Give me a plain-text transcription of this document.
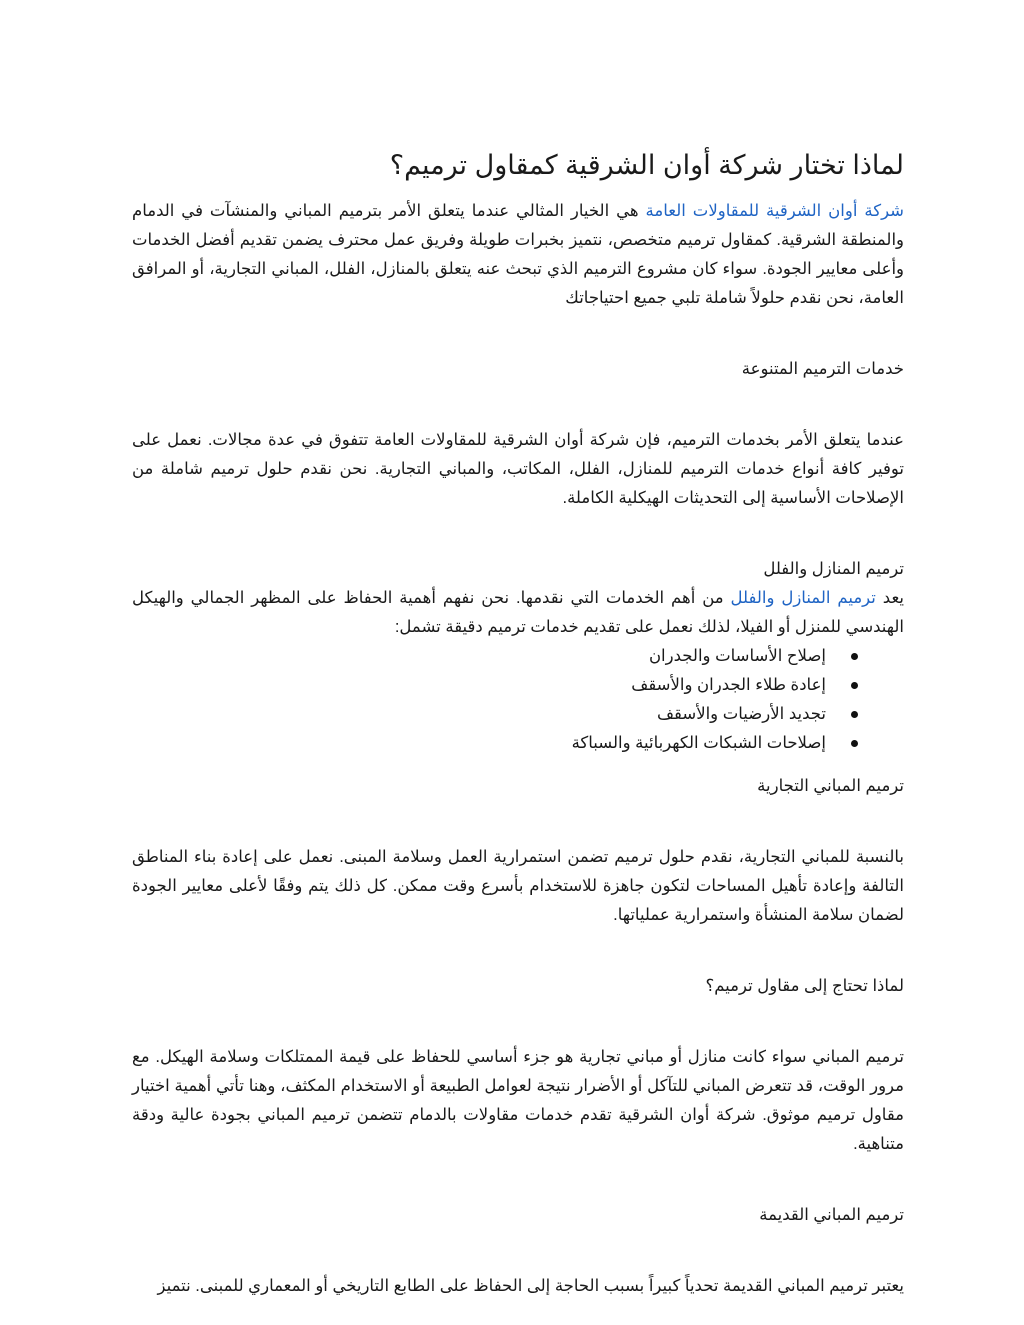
لماذا تختار شركة أوان الشرقية كمقاول ترميم؟

شركة أوان الشرقية للمقاولات العامة هي الخيار المثالي عندما يتعلق الأمر بترميم المباني والمنشآت في الدمام والمنطقة الشرقية. كمقاول ترميم متخصص، نتميز بخبرات طويلة وفريق عمل محترف يضمن تقديم أفضل الخدمات وأعلى معايير الجودة. سواء كان مشروع الترميم الذي تبحث عنه يتعلق بالمنازل، الفلل، المباني التجارية، أو المرافق العامة، نحن نقدم حلولاً شاملة تلبي جميع احتياجاتك

خدمات الترميم المتنوعة

عندما يتعلق الأمر بخدمات الترميم، فإن شركة أوان الشرقية للمقاولات العامة تتفوق في عدة مجالات. نعمل على توفير كافة أنواع خدمات الترميم للمنازل، الفلل، المكاتب، والمباني التجارية. نحن نقدم حلول ترميم شاملة من الإصلاحات الأساسية إلى التحديثات الهيكلية الكاملة.

ترميم المنازل والفلل

يعد ترميم المنازل والفلل من أهم الخدمات التي نقدمها. نحن نفهم أهمية الحفاظ على المظهر الجمالي والهيكل الهندسي للمنزل أو الفيلا، لذلك نعمل على تقديم خدمات ترميم دقيقة تشمل:

إصلاح الأساسات والجدران
إعادة طلاء الجدران والأسقف
تجديد الأرضيات والأسقف
إصلاحات الشبكات الكهربائية والسباكة

ترميم المباني التجارية

بالنسبة للمباني التجارية، نقدم حلول ترميم تضمن استمرارية العمل وسلامة المبنى. نعمل على إعادة بناء المناطق التالفة وإعادة تأهيل المساحات لتكون جاهزة للاستخدام بأسرع وقت ممكن. كل ذلك يتم وفقًا لأعلى معايير الجودة لضمان سلامة المنشأة واستمرارية عملياتها.

لماذا تحتاج إلى مقاول ترميم؟

ترميم المباني سواء كانت منازل أو مباني تجارية هو جزء أساسي للحفاظ على قيمة الممتلكات وسلامة الهيكل. مع مرور الوقت، قد تتعرض المباني للتآكل أو الأضرار نتيجة لعوامل الطبيعة أو الاستخدام المكثف، وهنا تأتي أهمية اختيار مقاول ترميم موثوق. شركة أوان الشرقية تقدم خدمات مقاولات بالدمام تتضمن ترميم المباني بجودة عالية ودقة متناهية.

ترميم المباني القديمة

يعتبر ترميم المباني القديمة تحدياً كبيراً بسبب الحاجة إلى الحفاظ على الطابع التاريخي أو المعماري للمبنى. نتميز
